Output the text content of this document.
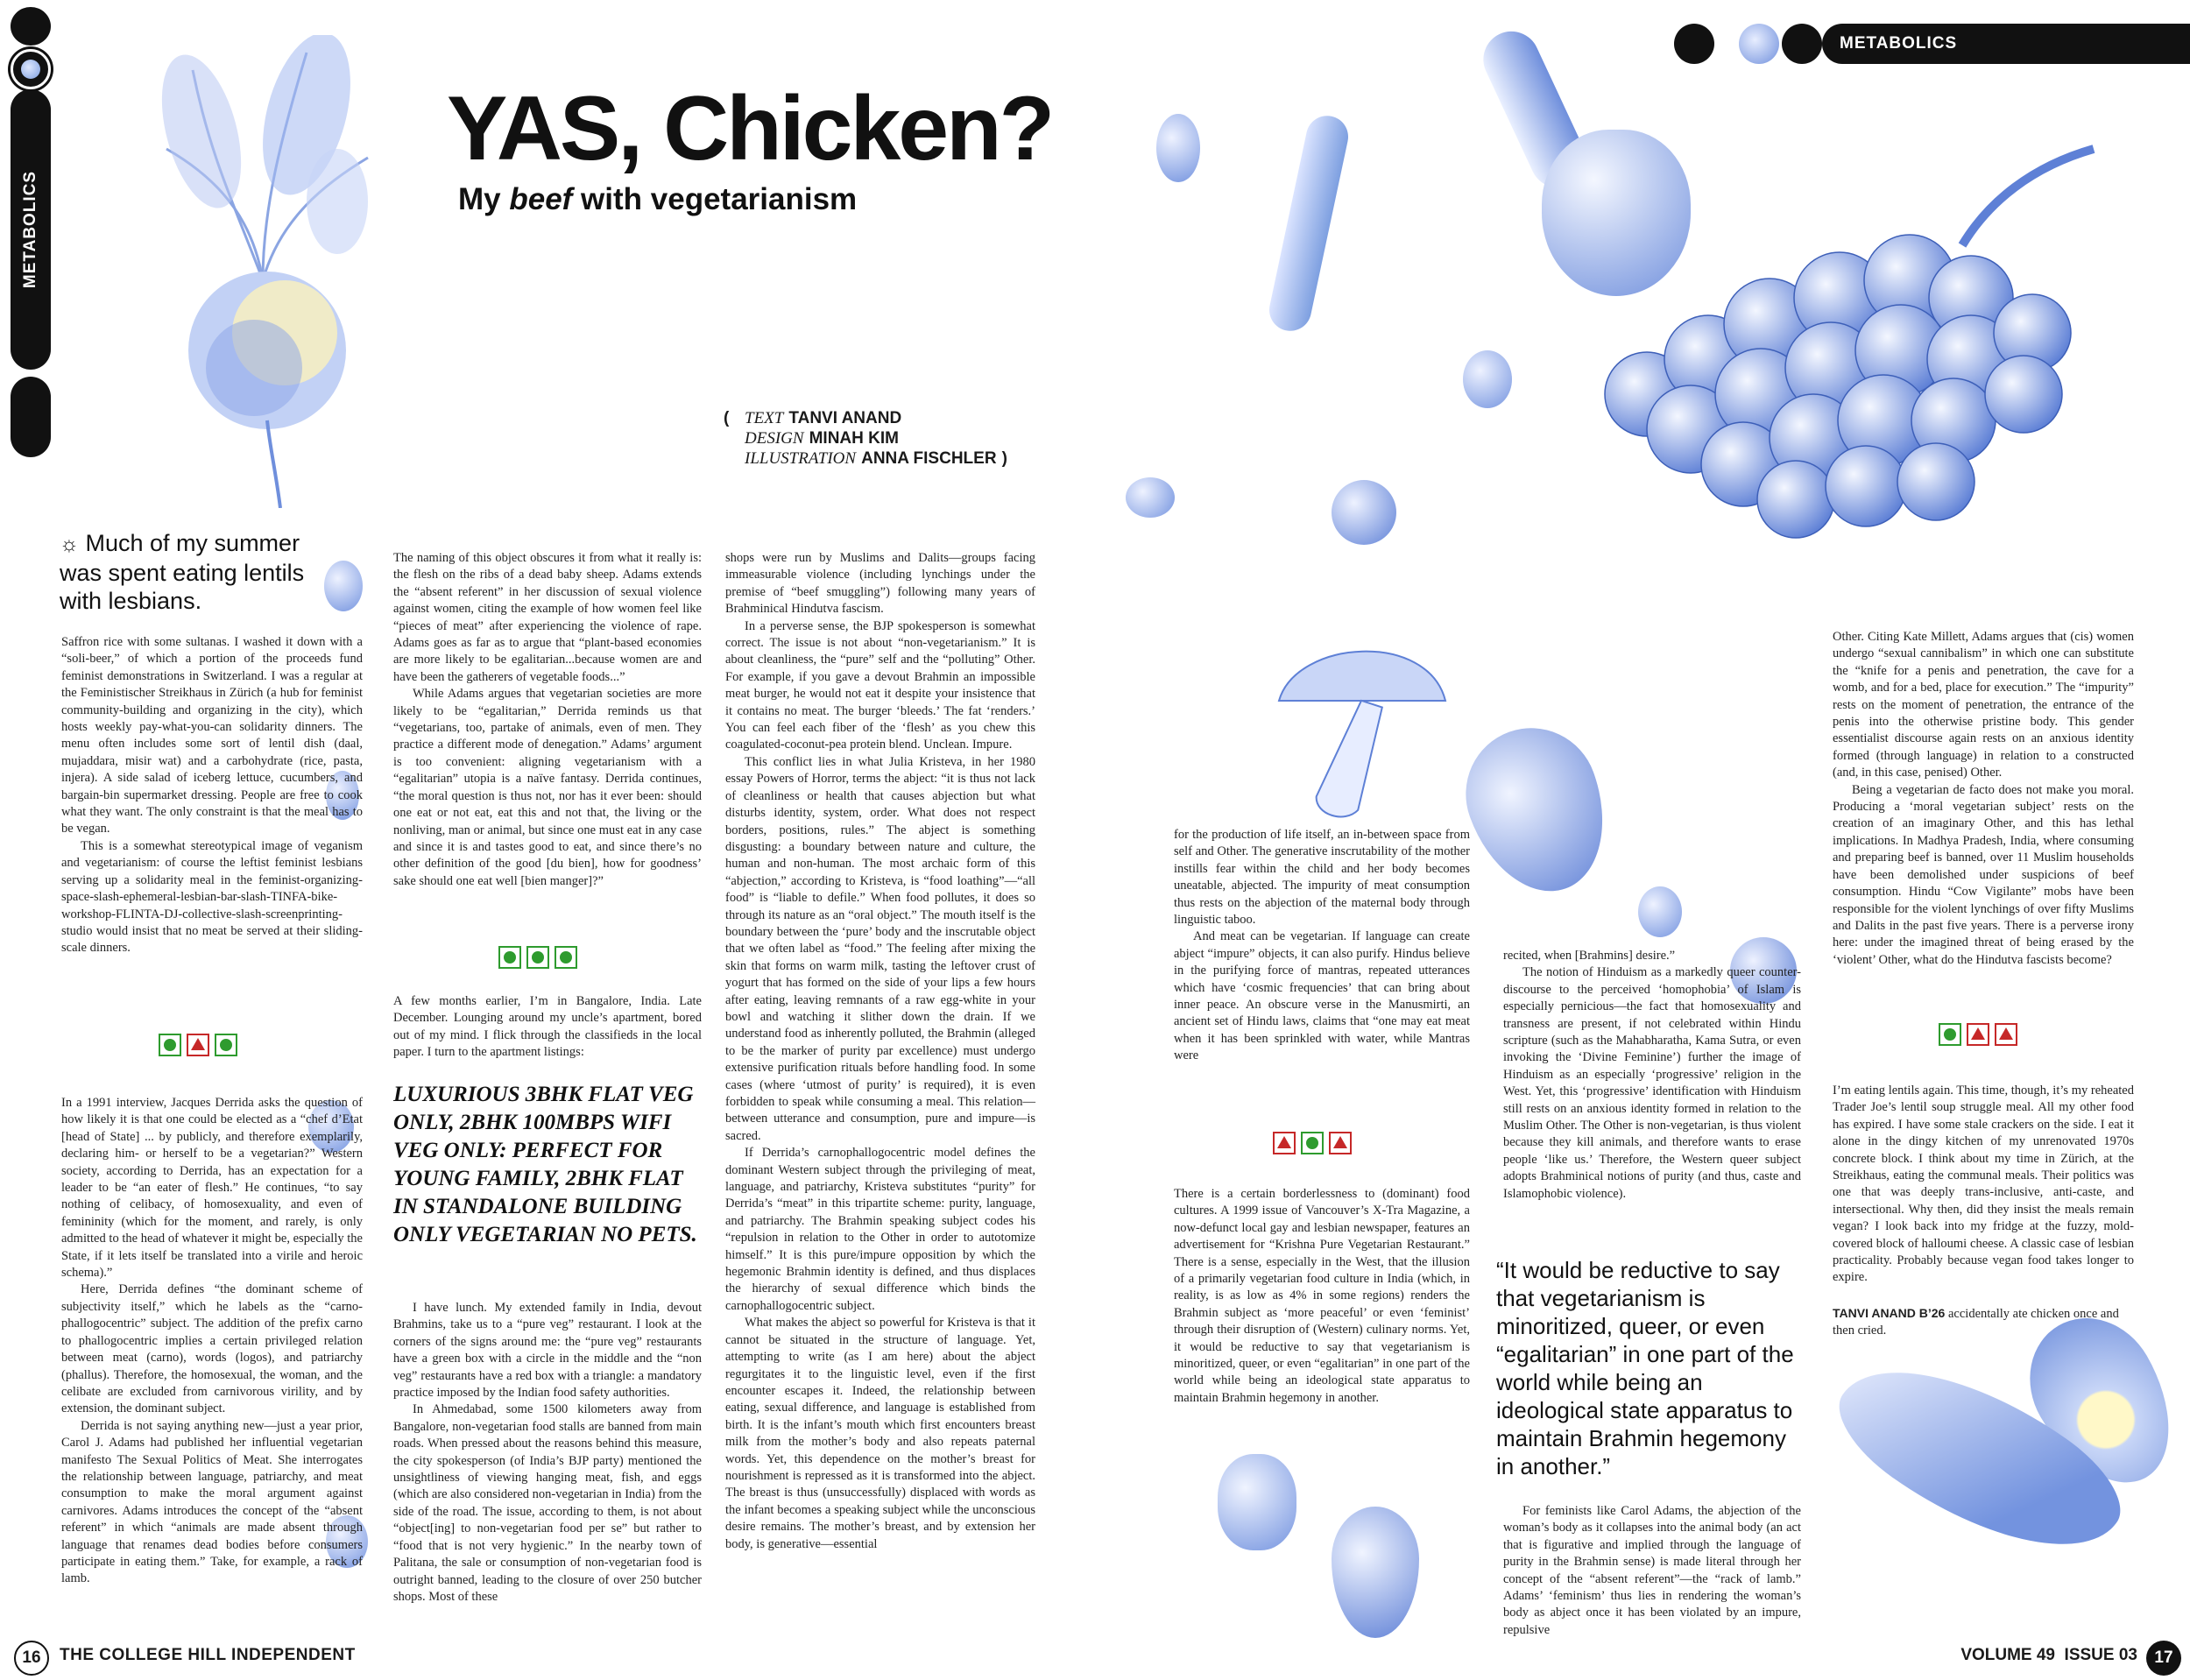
METABOLICS
METABOLICS
YAS, Chicken?
My beef with vegetarianism
( TEXT TANVI ANAND
DESIGN MINAH KIM
ILLUSTRATION ANNA FISCHLER )
☼ Much of my summer was spent eating lentils with lesbians.

Saffron rice with some sultanas. I washed it down with a “soli-beer,” of which a portion of the proceeds fund feminist demonstrations in Switzerland. I was a regular at the Feministischer Streikhaus in Zürich (a hub for feminist community-building and organizing in the city), which hosts weekly pay-what-you-can solidarity dinners. The menu often includes some sort of lentil dish (daal, mujaddara, misir wat) and a carbohydrate (rice, pasta, injera). A side salad of iceberg lettuce, cucumbers, and bargain-bin supermarket dressing. People are free to cook what they want. The only constraint is that the meal has to be vegan.

This is a somewhat stereotypical image of veganism and vegetarianism: of course the leftist feminist lesbians serving up a solidarity meal in the feminist-organizing-space-slash-ephemeral-lesbian-bar-slash-TINFA-bike-workshop-FLINTA-DJ-collective-slash-screenprinting-studio would insist that no meat be served at their sliding-scale dinners.

In a 1991 interview, Jacques Derrida asks the question of how likely it is that one could be elected as a “chef d’Etat [head of State] ... by publicly, and therefore exemplarily, declaring him- or herself to be a vegetarian?” Western society, according to Derrida, has an expectation for a leader to be “an eater of flesh.” He continues, “to say nothing of celibacy, of homosexuality, and even of femininity (which for the moment, and rarely, is only admitted to the head of whatever it might be, especially the State, if it lets itself be translated into a virile and heroic schema).”

Here, Derrida defines “the dominant scheme of subjectivity itself,” which he labels as the “carno-phallogocentric” subject. The addition of the prefix carno to phallogocentric implies a certain privileged relation between meat (carno), words (logos), and patriarchy (phallus). Therefore, the homosexual, the woman, and the celibate are excluded from carnivorous virility, and by extension, the dominant subject.

Derrida is not saying anything new—just a year prior, Carol J. Adams had published her influential vegetarian manifesto The Sexual Politics of Meat. She interrogates the relationship between language, patriarchy, and meat consumption to make the moral argument against carnivores. Adams introduces the concept of the “absent referent” in which “animals are made absent through language that renames dead bodies before consumers participate in eating them.” Take, for example, a rack of lamb.

The naming of this object obscures it from what it really is: the flesh on the ribs of a dead baby sheep. Adams extends the “absent referent” in her discussion of sexual violence against women, citing the example of how women feel like “pieces of meat” after experiencing the violence of rape. Adams goes as far as to argue that “plant-based economies are more likely to be egalitarian...because women are and have been the gatherers of vegetable foods...”

While Adams argues that vegetarian societies are more likely to be “egalitarian,” Derrida reminds us that “vegetarians, too, partake of animals, even of men. They practice a different mode of denegation.” Adams’ argument is too convenient: aligning vegetarianism with a “egalitarian” utopia is a naïve fantasy. Derrida continues, “the moral question is thus not, nor has it ever been: should one eat or not eat, eat this and not that, the living or the nonliving, man or animal, but since one must eat in any case and since it is and tastes good to eat, and since there’s no other definition of the good [du bien], how for goodness’ sake should one eat well [bien manger]?”

A few months earlier, I’m in Bangalore, India. Late December. Lounging around my uncle’s apartment, bored out of my mind. I flick through the classifieds in the local paper. I turn to the apartment listings:

LUXURIOUS 3BHK FLAT VEG ONLY, 2BHK 100MBPS WIFI VEG ONLY: PERFECT FOR YOUNG FAMILY, 2BHK FLAT IN STANDALONE BUILDING ONLY VEGETARIAN NO PETS.

I have lunch. My extended family in India, devout Brahmins, take us to a “pure veg” restaurant. I look at the corners of the signs around me: the “pure veg” restaurants have a green box with a circle in the middle and the “non veg” restaurants have a red box with a triangle: a mandatory practice imposed by the Indian food safety authorities.

In Ahmedabad, some 1500 kilometers away from Bangalore, non-vegetarian food stalls are banned from main roads. When pressed about the reasons behind this measure, the city spokesperson (of India’s BJP party) mentioned the unsightliness of viewing hanging meat, fish, and eggs (which are also considered non-vegetarian in India) from the side of the road. The issue, according to them, is not about “object[ing] to non-vegetarian food per se” but rather to “food that is not very hygienic.” In the nearby town of Palitana, the sale or consumption of non-vegetarian food is outright banned, leading to the closure of over 250 butcher shops. Most of these

shops were run by Muslims and Dalits—groups facing immeasurable violence (including lynchings under the premise of “beef smuggling”) following many years of Brahminical Hindutva fascism.

In a perverse sense, the BJP spokesperson is somewhat correct. The issue is not about “non-vegetarianism.” It is about cleanliness, the “pure” self and the “polluting” Other. For example, if you gave a devout Brahmin an impossible meat burger, he would not eat it despite your insistence that it contains no meat. The burger ‘bleeds.’ The fat ‘renders.’ You can feel each fiber of the ‘flesh’ as you chew this coagulated-coconut-pea protein blend. Unclean. Impure.

This conflict lies in what Julia Kristeva, in her 1980 essay Powers of Horror, terms the abject: “it is thus not lack of cleanliness or health that causes abjection but what disturbs identity, system, order. What does not respect borders, positions, rules.” The abject is something disgusting: a boundary between nature and culture, the human and non-human. The most archaic form of this “abjection,” according to Kristeva, is “food loathing”—“all food” is “liable to defile.” When food pollutes, it does so through its nature as an “oral object.” The mouth itself is the boundary between the ‘pure’ body and the inscrutable object that we often label as “food.” The feeling after mixing the skin that forms on warm milk, tasting the leftover crust of yogurt that has formed on the side of your lips a few hours after eating, leaving remnants of a raw egg-white in your bowl and watching it slither down the drain. If we understand food as inherently polluted, the Brahmin (alleged to be the marker of purity par excellence) must undergo extensive purification rituals before handling food. In some cases (where ‘utmost of purity’ is required), it is even forbidden to speak while consuming a meal. This relation—between utterance and consumption, pure and impure—is sacred.

If Derrida’s carnophallogocentric model defines the dominant Western subject through the privileging of meat, language, and patriarchy, Kristeva substitutes “purity” for Derrida’s “meat” in this tripartite scheme: purity, language, and patriarchy. The Brahmin speaking subject codes his “repulsion in relation to the Other in order to autotomize himself.” It is this pure/impure opposition by which the hegemonic Brahmin identity is defined, and thus displaces the hierarchy of sexual difference which binds the carnophallogocentric subject.

What makes the abject so powerful for Kristeva is that it cannot be situated in the structure of language. Yet, attempting to write (as I am here) about the abject regurgitates it to the linguistic level, even if the first encounter escapes it. Indeed, the relationship between eating, sexual difference, and language is established from birth. It is the infant’s mouth which first encounters breast milk from the mother’s body and also repeats paternal words. Yet, this dependence on the mother’s breast for nourishment is repressed as it is transformed into the abject. The breast is thus (unsuccessfully) displaced with words as the infant becomes a speaking subject while the unconscious desire remains. The mother’s breast, and by extension her body, is generative—essential

for the production of life itself, an in-between space from self and Other. The generative inscrutability of the mother instills fear within the child and her body becomes uneatable, abjected. The impurity of meat consumption thus rests on the abjection of the maternal body through linguistic taboo.

And meat can be vegetarian. If language can create abject “impure” objects, it can also purify. Hindus believe in the purifying force of mantras, repeated utterances which have ‘cosmic frequencies’ that can bring about inner peace. An obscure verse in the Manusmirti, an ancient set of Hindu laws, claims that “one may eat meat when it has been sprinkled with water, while Mantras were

There is a certain borderlessness to (dominant) food cultures. A 1999 issue of Vancouver’s X-Tra Magazine, a now-defunct local gay and lesbian newspaper, features an advertisement for “Krishna Pure Vegetarian Restaurant.” There is a sense, especially in the West, that the illusion of a primarily vegetarian food culture in India (which, in reality, is as low as 4% in some regions) renders the Brahmin subject as ‘more peaceful’ or even ‘feminist’ through their disruption of (Western) culinary norms. Yet, it would be reductive to say that vegetarianism is minoritized, queer, or even “egalitarian” in one part of the world while being an ideological state apparatus to maintain Brahmin hegemony in another.

recited, when [Brahmins] desire.”

The notion of Hinduism as a markedly queer counter-discourse to the perceived ‘homophobia’ of Islam is especially pernicious—the fact that homosexuality and transness are present, if not celebrated within Hindu scripture (such as the Mahabharatha, Kama Sutra, or even invoking the ‘Divine Feminine’) further the image of Hinduism as an especially ‘progressive’ religion in the West. Yet, this ‘progressive’ identification with Hinduism still rests on an anxious identity formed in relation to the Muslim Other. The Other is non-vegetarian, is thus violent because they kill animals, and therefore wants to erase people ‘like us.’ Therefore, the Western queer subject adopts Brahminical notions of purity (and thus, caste and Islamophobic violence).

“It would be reductive to say that vegetarianism is minoritized, queer, or even “egalitarian” in one part of the world while being an ideological state apparatus to maintain Brahmin hegemony in another.”

For feminists like Carol Adams, the abjection of the woman’s body as it collapses into the animal body (an act that is figurative and implied through the language of purity in the Brahmin sense) is made literal through her concept of the “absent referent”—the “rack of lamb.” Adams’ ‘feminism’ thus lies in rendering the woman’s body as abject once it has been violated by an impure, repulsive

Other. Citing Kate Millett, Adams argues that (cis) women undergo “sexual cannibalism” in which one can substitute the “knife for a penis and penetration, the cave for a womb, and for a bed, place for execution.” The “impurity” rests on the moment of penetration, the entrance of the penis into the otherwise pristine body. This gender essentialist discourse again rests on an anxious identity formed (through language) in relation to a constructed (and, in this case, penised) Other.

Being a vegetarian de facto does not make you moral. Producing a ‘moral vegetarian subject’ rests on the creation of an imaginary Other, and this has lethal implications. In Madhya Pradesh, India, where consuming and preparing beef is banned, over 11 Muslim households have been demolished under suspicions of beef consumption. Hindu “Cow Vigilante” mobs have been responsible for the violent lynchings of over fifty Muslims and Dalits in the past five years. There is a perverse irony here: under the imagined threat of being erased by the ‘violent’ Other, what do the Hindutva fascists become?

I’m eating lentils again. This time, though, it’s my reheated Trader Joe’s lentil soup struggle meal. All my other food has expired. I have some stale crackers on the side. I eat it alone in the dingy kitchen of my unrenovated 1970s concrete block. I think about my time in Zürich, at the Streikhaus, eating the communal meals. Their politics was one that was deeply trans-inclusive, anti-caste, and intersectional. Why then, did they insist the meals remain vegan? I look back into my fridge at the fuzzy, mold-covered block of halloumi cheese. A classic case of lesbian practicality. Probably because vegan food takes longer to expire.

TANVI ANAND B’26 accidentally ate chicken once and then cried.
16	THE COLLEGE HILL INDEPENDENT	VOLUME 49  ISSUE 03	17
